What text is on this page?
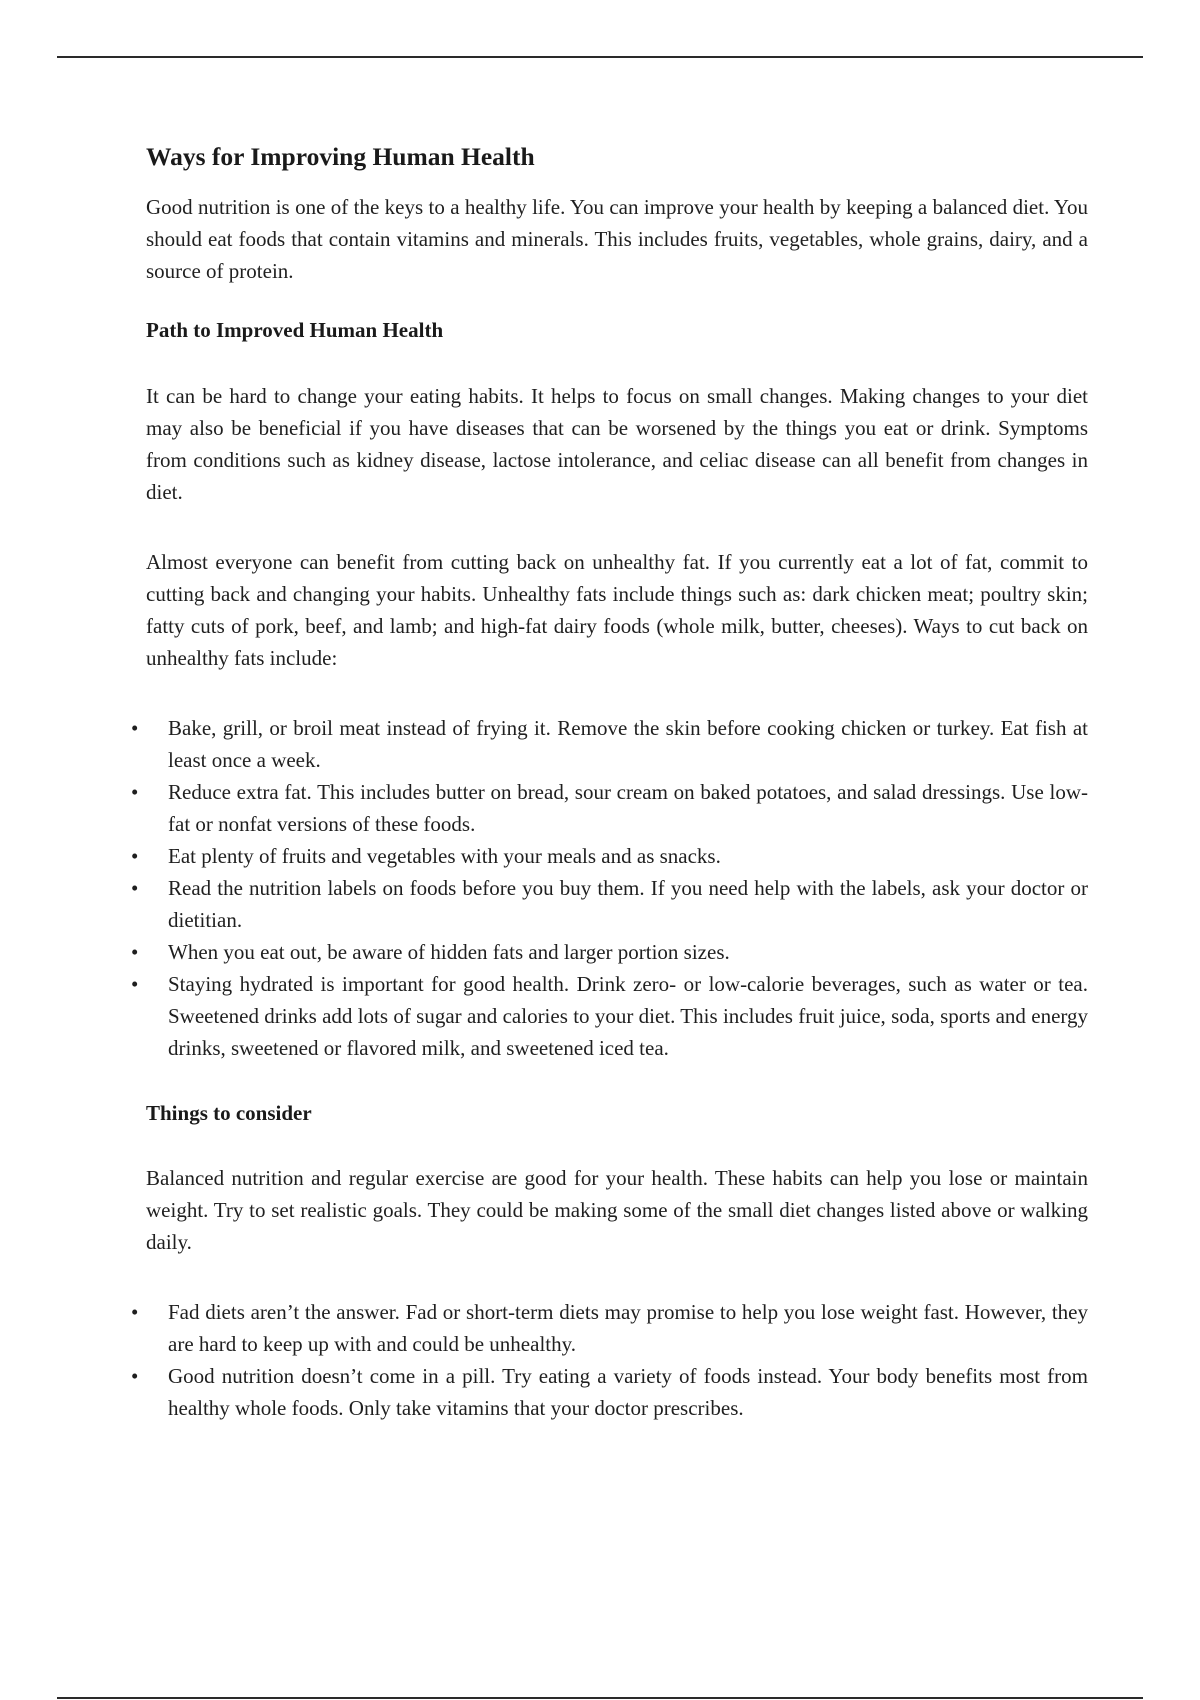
Ways for Improving Human Health

Good nutrition is one of the keys to a healthy life. You can improve your health by keeping a balanced diet. You should eat foods that contain vitamins and minerals. This includes fruits, vegetables, whole grains, dairy, and a source of protein.

Path to Improved Human Health

It can be hard to change your eating habits. It helps to focus on small changes. Making changes to your diet may also be beneficial if you have diseases that can be worsened by the things you eat or drink. Symptoms from conditions such as kidney disease, lactose intolerance, and celiac disease can all benefit from changes in diet.

Almost everyone can benefit from cutting back on unhealthy fat. If you currently eat a lot of fat, commit to cutting back and changing your habits. Unhealthy fats include things such as: dark chicken meat; poultry skin; fatty cuts of pork, beef, and lamb; and high-fat dairy foods (whole milk, butter, cheeses). Ways to cut back on unhealthy fats include:

• Bake, grill, or broil meat instead of frying it. Remove the skin before cooking chicken or turkey. Eat fish at least once a week.
• Reduce extra fat. This includes butter on bread, sour cream on baked potatoes, and salad dressings. Use low-fat or nonfat versions of these foods.
• Eat plenty of fruits and vegetables with your meals and as snacks.
• Read the nutrition labels on foods before you buy them. If you need help with the labels, ask your doctor or dietitian.
• When you eat out, be aware of hidden fats and larger portion sizes.
• Staying hydrated is important for good health. Drink zero- or low-calorie beverages, such as water or tea. Sweetened drinks add lots of sugar and calories to your diet. This includes fruit juice, soda, sports and energy drinks, sweetened or flavored milk, and sweetened iced tea.
Things to consider

Balanced nutrition and regular exercise are good for your health. These habits can help you lose or maintain weight. Try to set realistic goals. They could be making some of the small diet changes listed above or walking daily.

• Fad diets aren’t the answer. Fad or short-term diets may promise to help you lose weight fast. However, they are hard to keep up with and could be unhealthy.
• Good nutrition doesn’t come in a pill. Try eating a variety of foods instead. Your body benefits most from healthy whole foods. Only take vitamins that your doctor prescribes.
